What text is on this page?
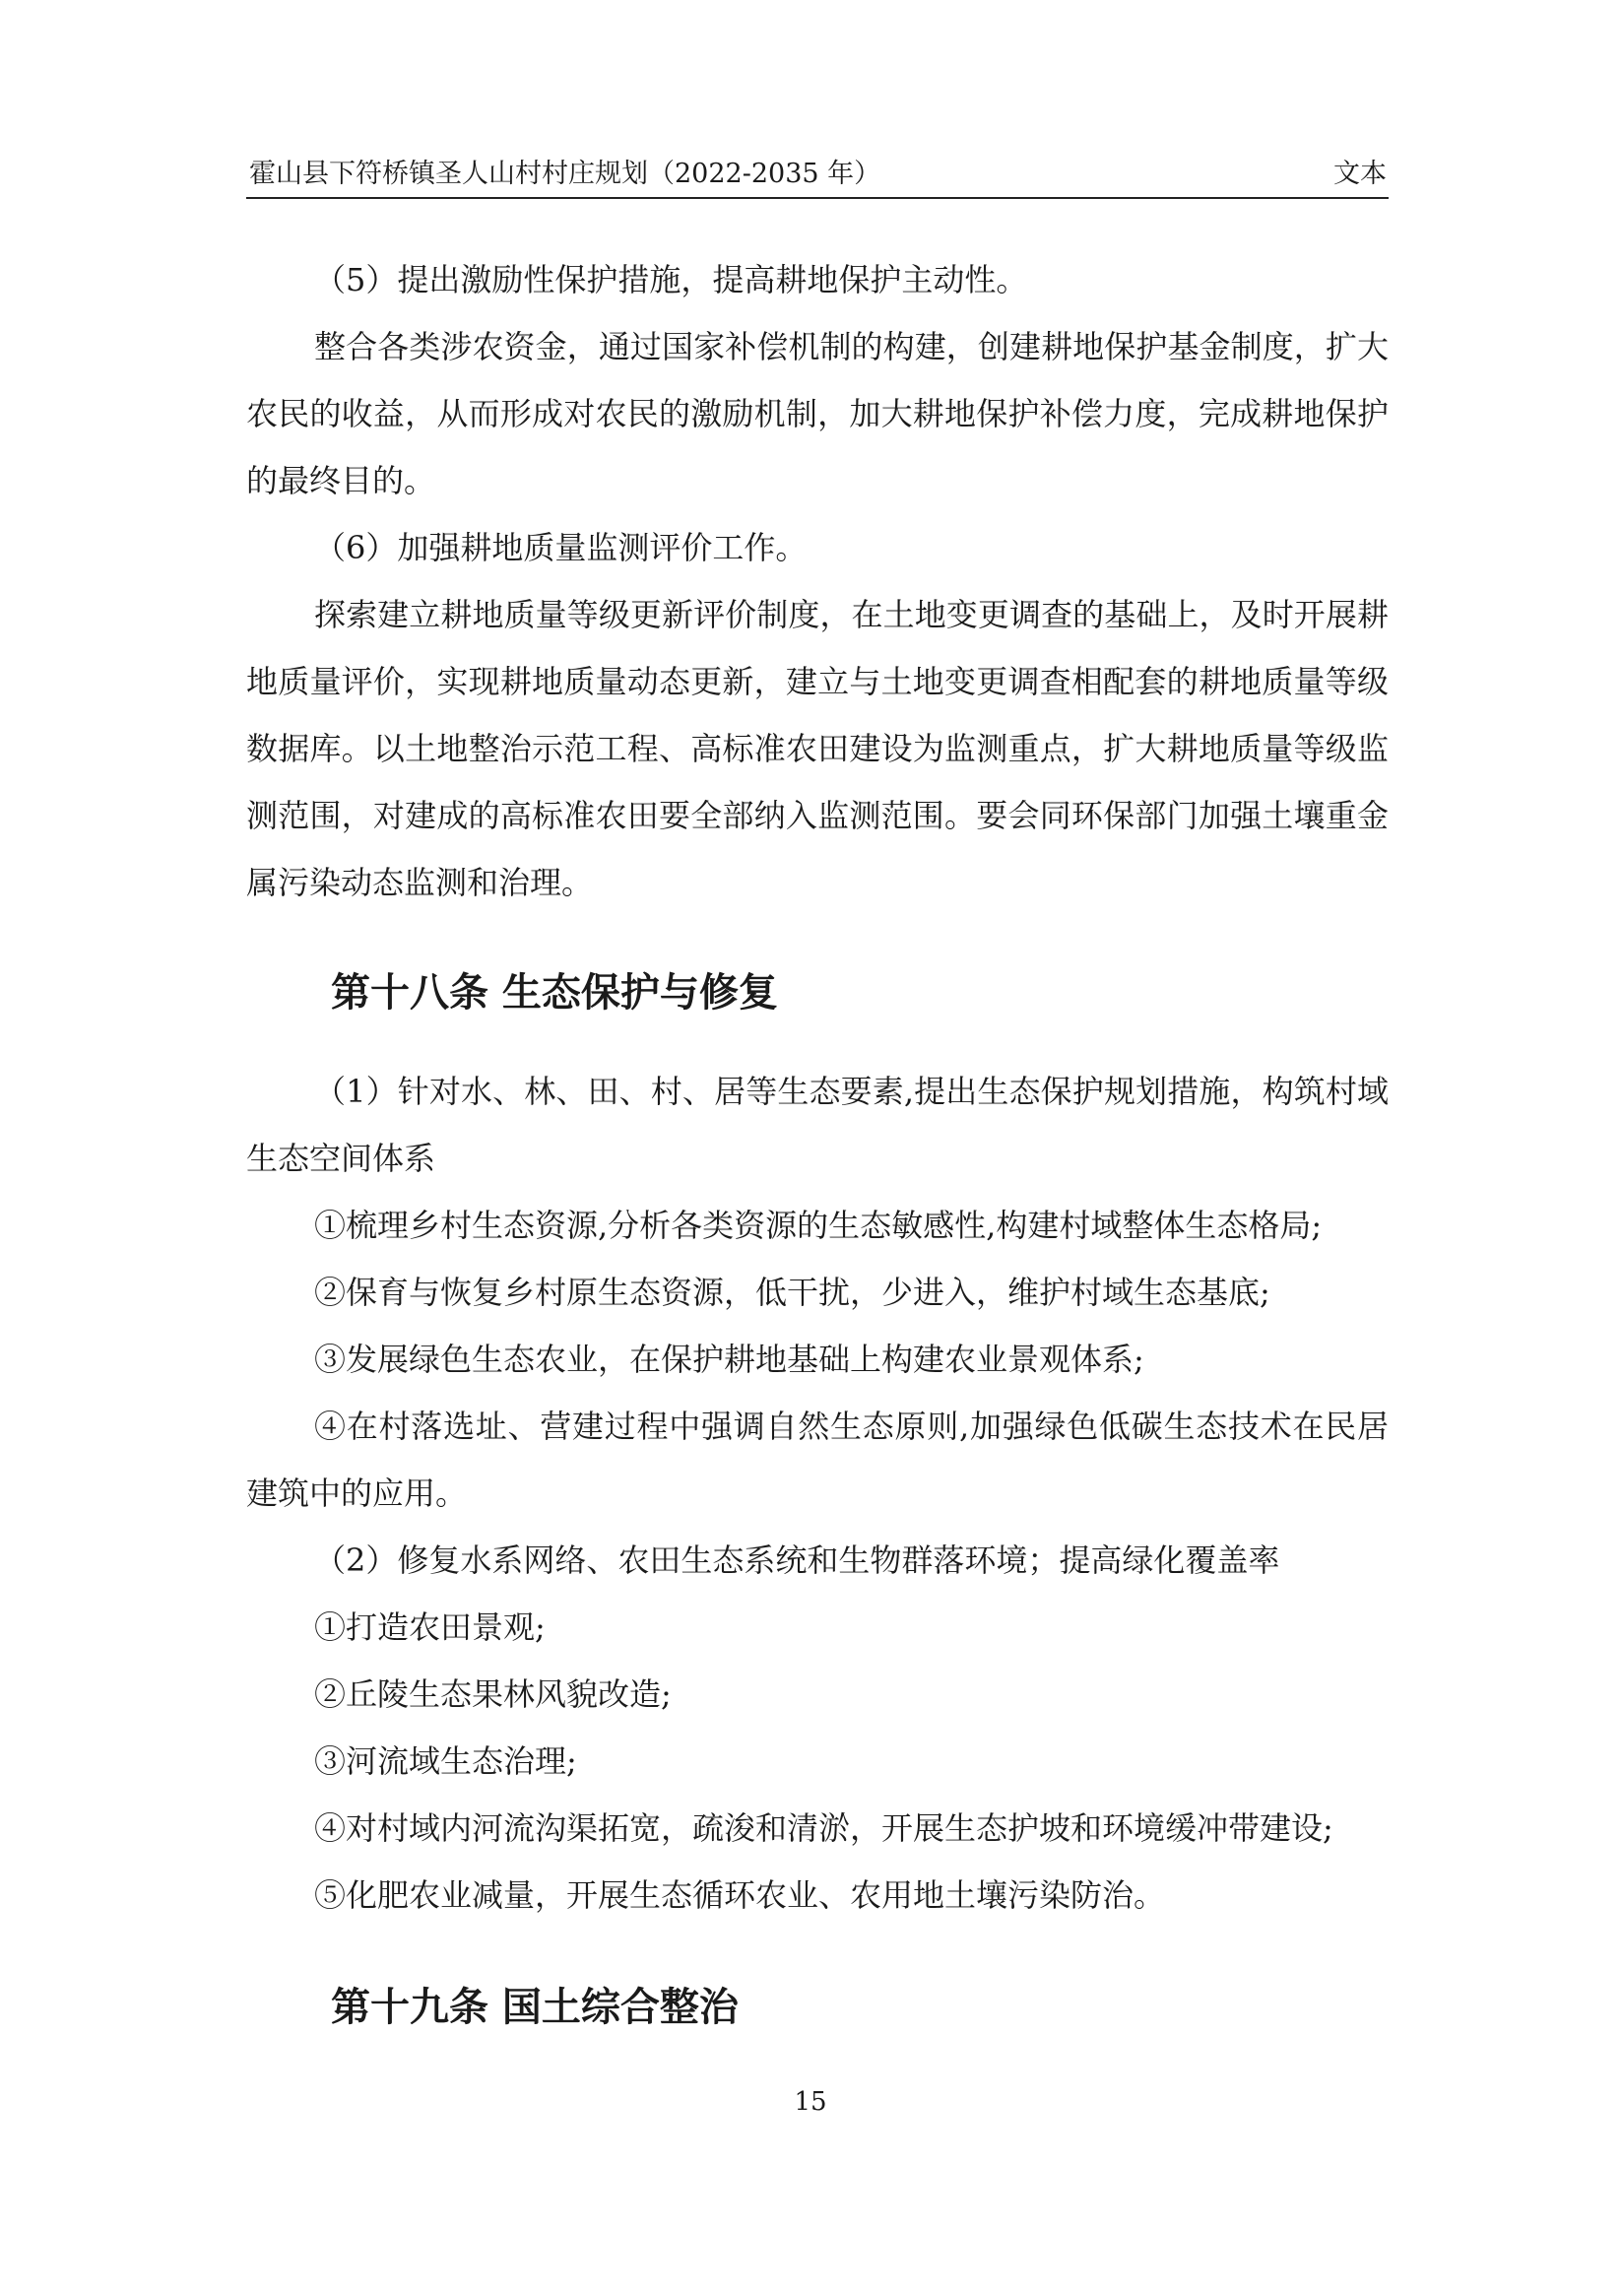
霍山县下符桥镇圣人山村村庄规划（2022-2035 年）	文本

（5）提出激励性保护措施，提高耕地保护主动性。

整合各类涉农资金，通过国家补偿机制的构建，创建耕地保护基金制度，扩大农民的收益，从而形成对农民的激励机制，加大耕地保护补偿力度，完成耕地保护的最终目的。

（6）加强耕地质量监测评价工作。

探索建立耕地质量等级更新评价制度，在土地变更调查的基础上，及时开展耕地质量评价，实现耕地质量动态更新，建立与土地变更调查相配套的耕地质量等级数据库。以土地整治示范工程、高标准农田建设为监测重点，扩大耕地质量等级监测范围，对建成的高标准农田要全部纳入监测范围。要会同环保部门加强土壤重金属污染动态监测和治理。

第十八条 生态保护与修复

（1）针对水、林、田、村、居等生态要素,提出生态保护规划措施，构筑村域生态空间体系

①梳理乡村生态资源,分析各类资源的生态敏感性,构建村域整体生态格局;

②保育与恢复乡村原生态资源，低干扰，少进入，维护村域生态基底;

③发展绿色生态农业，在保护耕地基础上构建农业景观体系;

④在村落选址、营建过程中强调自然生态原则,加强绿色低碳生态技术在民居建筑中的应用。

（2）修复水系网络、农田生态系统和生物群落环境；提高绿化覆盖率

①打造农田景观;

②丘陵生态果林风貌改造;

③河流域生态治理;

④对村域内河流沟渠拓宽，疏浚和清淤，开展生态护坡和环境缓冲带建设;

⑤化肥农业减量，开展生态循环农业、农用地土壤污染防治。

第十九条 国土综合整治
15
